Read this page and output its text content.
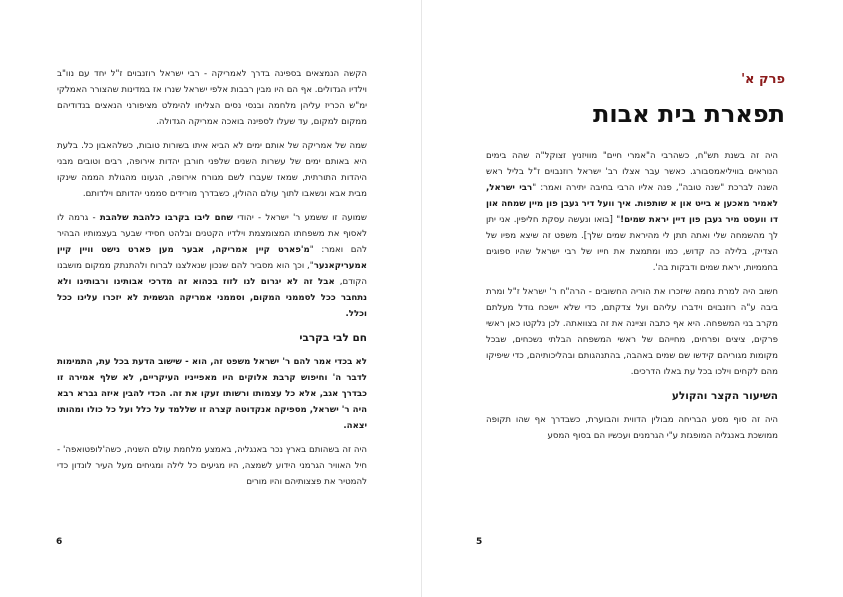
הקשה הנמצאים בספינה בדרך לאמריקה - רבי ישראל רוזנבוים ז"ל יחד עם נוו"ב וילדיו הגדולים. אף הם היו מבין רבבות אלפי ישראל שנרו אז במדינות שהצורר האמלקי ימ"ש הכריז עליהן מלחמה ובנסי נסים הצליחו להימלט מציפורני הנאצים בנדודיהם ממקום למקום, עד שעלו לספינה בואכה אמריקה הגדולה.

שמה של אמריקה של אותם ימים לא הביא איתו בשורות טובות, כשלהאבון כל. בלעת היא באותם ימים של עשרות השנים שלפני חורבן יהדות אירופה, רבים וטובים מבני היהדות התורתית, שמאז שעברו לשם מגורח אירופה, הגעונו מהגולת הממה שינקו מבית אבא ונשאבו לתוך עולם ההולין, כשבדרך מורידים סממני יהדותם וילדותם.

שמועה זו ששמע ר' ישראל - יהודי שחם ליבו בקרבו כלהבת שלהבת - גרמה לו לאסוף את משפחתו המצומצמת וילדיו הקטנים ובלהט חסידי שבער בעצמותיו הבהיר להם ואמר: "מ'פארט קיין אמריקה, אבער מען פארט נישט וויין קיין אמעריקאנער", וכך הוא מסביר להם שנכון שנאלצנו לברוח ולהתנתק ממקום מושבנו הקודם, אבל זה לא יגרום לנו לזוז בכהוא זה מדרכי אבותינו ורבותינו ולא נתחבר ככל לסממני המקום, וסממני אמריקה הגשמית לא יזכרו עלינו ככל וכלל.

חם לבי בקרבי

לא בכדי אמר להם ר' ישראל משפט זה, הוא - שישוב הדעת בכל עת, התמימות לדבר ה' וחיפוש קרבת אלוקים היו מאפייניו העיקריים, לא שלף אמירה זו כבדרך אגב, אלא כל עצמותו ורשותו זעקו את זה. הכדי להבין איזה גברא רבא היה ר' ישראל, מספיקה אנקדוטה קצרה זו שללמד על כלל ועל כל כולו ומהותו יצאה.

היה זה בשהותם בארץ נכר באנגליה, באמצע מלחמת עולם השניה, כשה'לופטואפה' - חיל האוויר הגרמני הידוע לשמצה, היו מגיעים כל לילה ומגיחים מעל העיר לונדון כדי להמטיר את פצצותיהם והיו מורים

6
פרק א'
תפארת בית אבות

היה זה בשנת תש"ח, כשהרבי ה"אמרי חיים" מוויזניץ זצוקל"ה שהה בימים הנוראים בוויליאמסבורג. כאשר עבר אצלו רב' ישראל רוזנבוים ז"ל בליל ראש השנה לברכת "שנה טובה", פנה אליו הרבי בחיבה יתירה ואמר: "רבי ישראל, לאמיר מאכען א בייט און א שותפות. איך וועל דיר געבן פון מיין שמחה און דו וועסט מיר געבן פון דיין יראת שמים!" [בואו ונעשה עסקת חליפין. אני יתן לך מהשמחה שלי ואתה תתן לי מהיראת שמים שלך]. משפט זה שיצא מפיו של הצדיק, בלילה כה קדוש, כמו ומתמצת את חייו של רבי ישראל שהיו ספוגים בחממיות, יראת שמים ודבקות בה'.

חשוב היה למרת נחמה שיזכרו את הוריה החשובים - הרה"ח ר' ישראל ז"ל ומרת ביבה ע"ה רוזנבוים וידברו עליהם ועל צדקתם, כדי שלא יישכח גודל מעלתם מקרב בני המשפחה. היא אף כתבה וציינה את זה בצוואתה. לכן נלקטו כאן ראשי פרקים, ציצים ופרחים, מחייהם של ראשי המשפחה הבלתי נשכחים, שבכל מקומות מגוריהם קידשו שם שמים באהבה, בהתנהגותם ובהליכותיהם, כדי שיפיקו מהם לקחים וילכו בכל עת באלו הדרכים.

השיעור הקצר והקולע

היה זה סוף מסע הבריחה מבולין הדווית והבוערת, כשבדרך אף שהו תקופה ממושכת באנגליה המופגזת ע"י הגרמנים ועכשיו הם בסוף המסע

5
